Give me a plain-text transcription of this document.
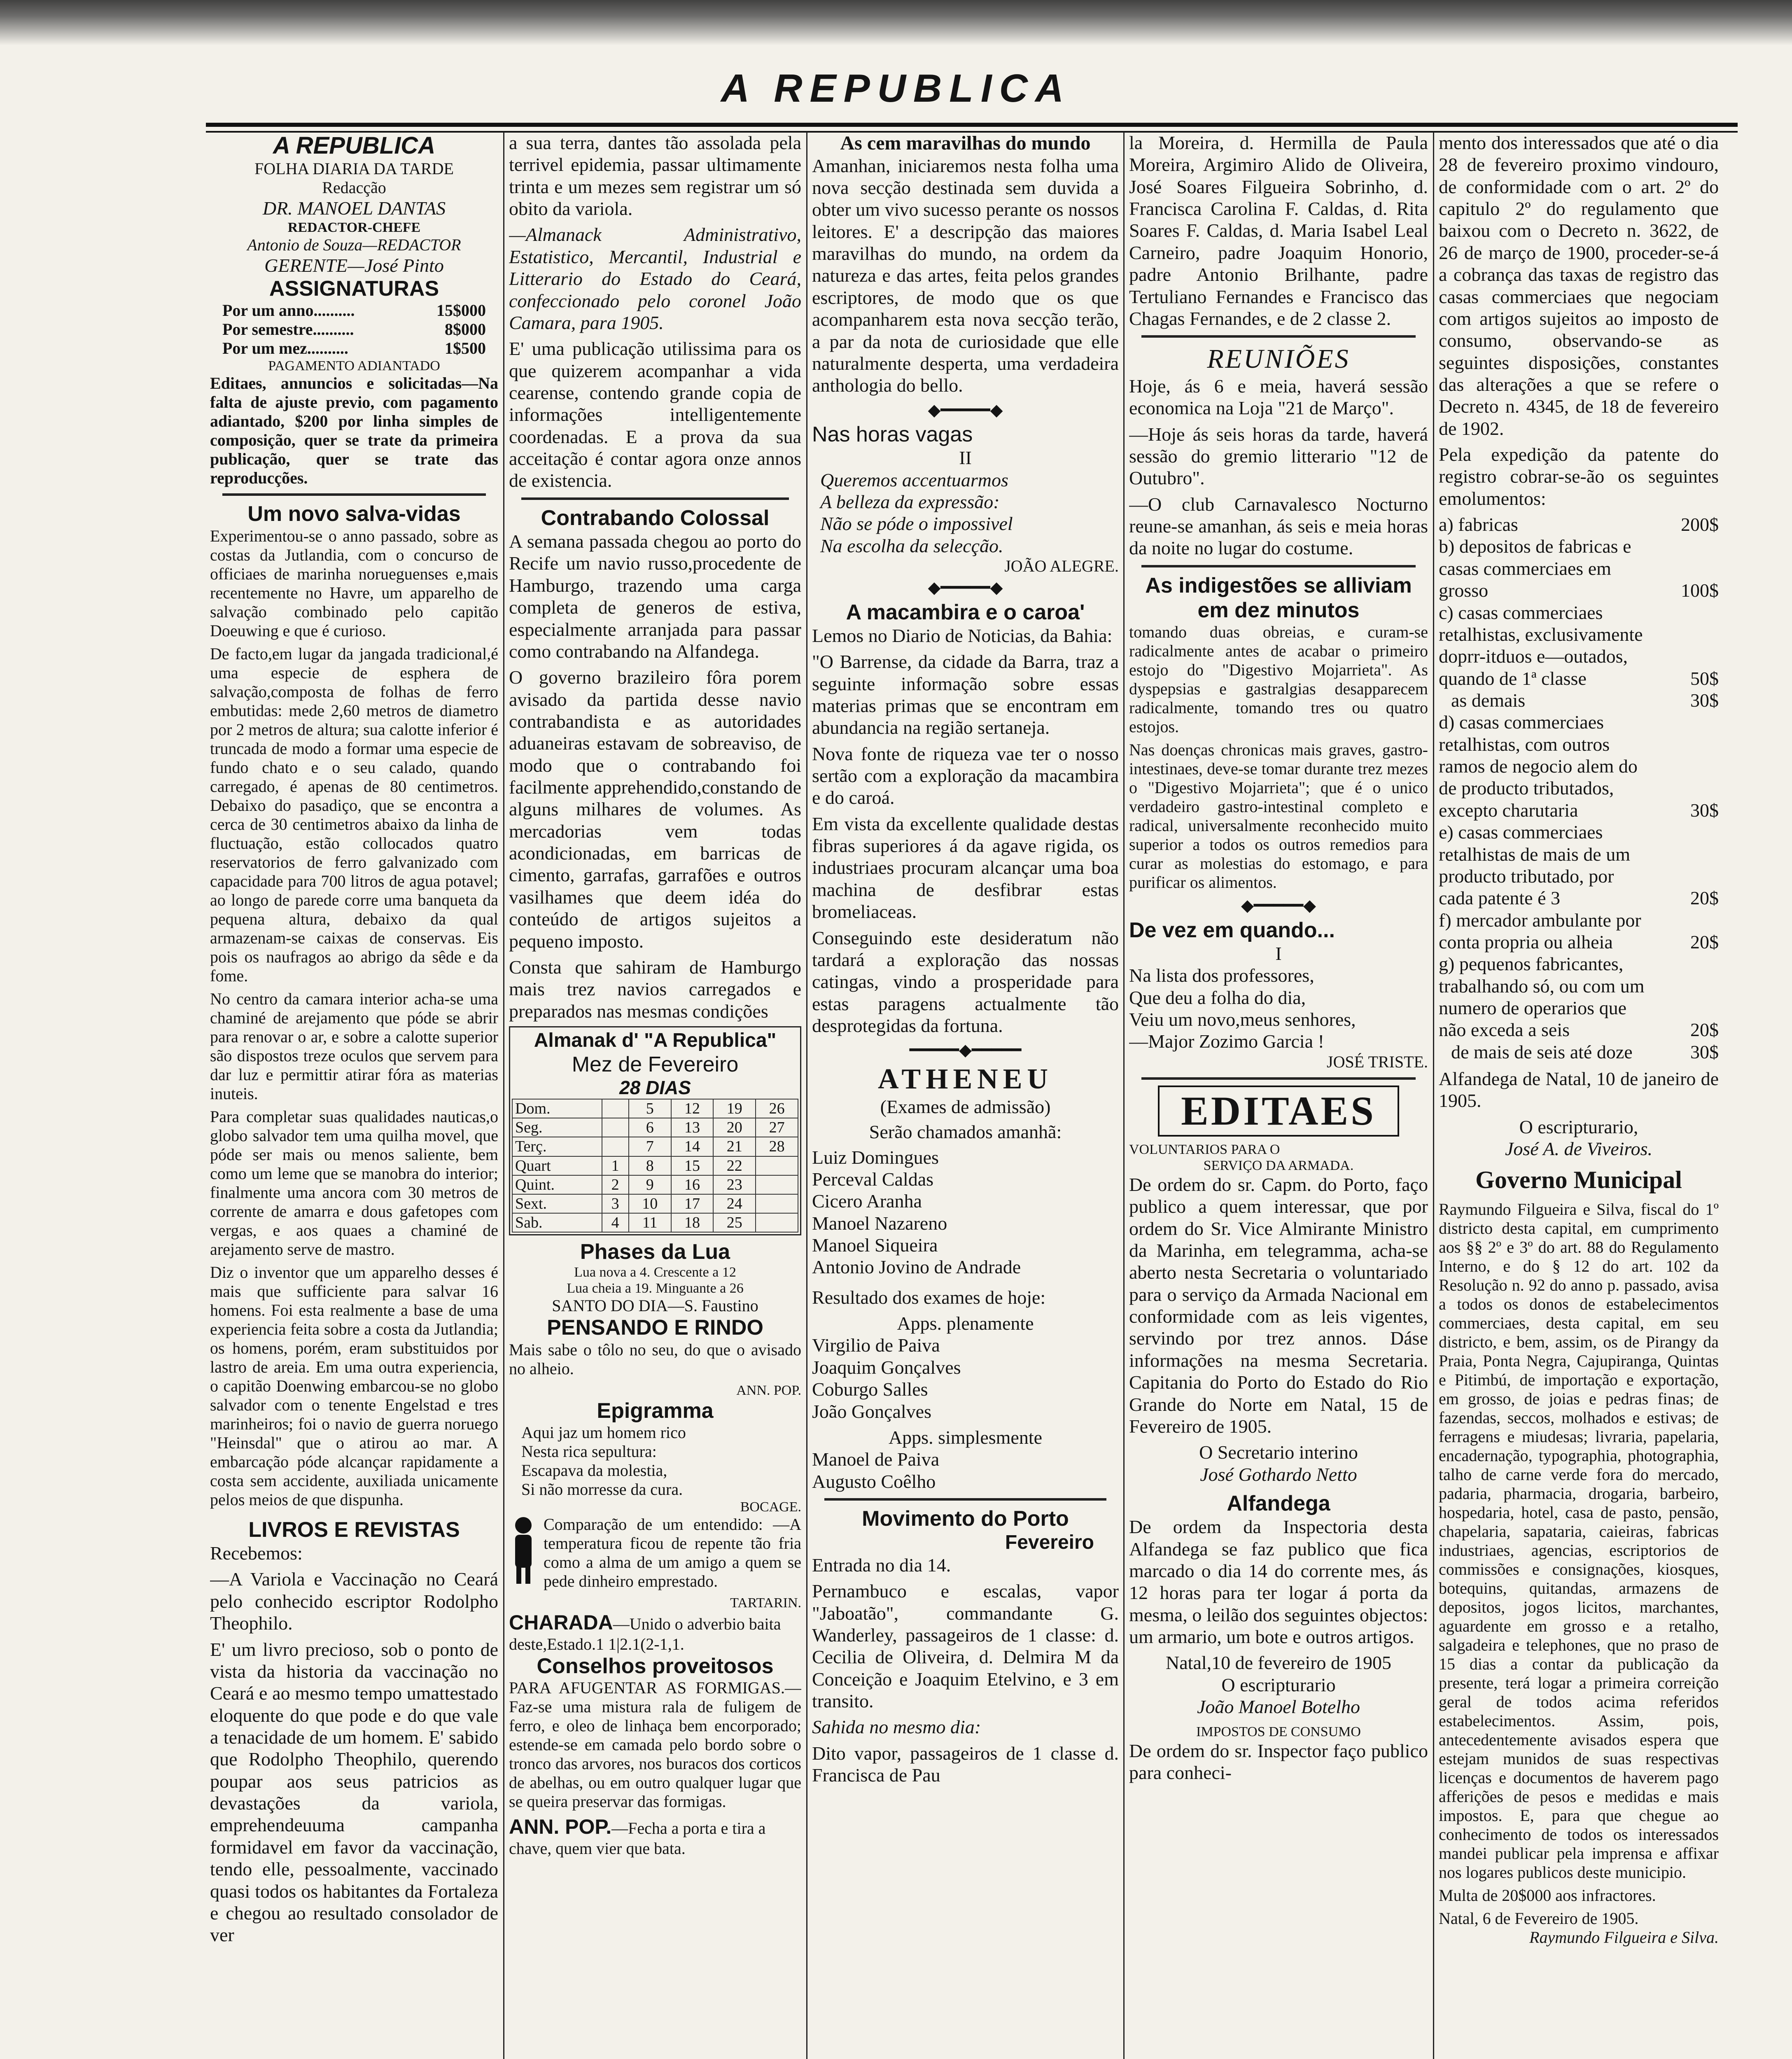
A REPUBLICA
A REPUBLICA
FOLHA DIARIA DA TARDE
Redacção
DR. MANOEL DANTAS
REDACTOR-CHEFE
Antonio de Souza—REDACTOR
GERENTE—José Pinto
ASSIGNATURAS
Por um anno..........	15$000
Por semestre..........	8$000
Por um mez..........	1$500
PAGAMENTO ADIANTADO

Editaes, annuncios e solicitadas—Na falta de ajuste previo, com pagamento adiantado, $200 por linha simples de composição, quer se trate da primeira publicação, quer se trate das reproducções.

Um novo salva-vidas

Experimentou-se o anno passado, sobre as costas da Jutlandia, com o concurso de officiaes de marinha norueguenses e,mais recentemente no Havre, um apparelho de salvação combinado pelo capitão Doeuwing e que é curioso.

De facto,em lugar da jangada tradicional,é uma especie de esphera de salvação,composta de folhas de ferro embutidas: mede 2,60 metros de diametro por 2 metros de altura; sua calotte inferior é truncada de modo a formar uma especie de fundo chato e o seu calado, quando carregado, é apenas de 80 centimetros. Debaixo do pasadiço, que se encontra a cerca de 30 centimetros abaixo da linha de fluctuação, estão collocados quatro reservatorios de ferro galvanizado com capacidade para 700 litros de agua potavel; ao longo de parede corre uma banqueta da pequena altura, debaixo da qual armazenam-se caixas de conservas. Eis pois os naufragos ao abrigo da sêde e da fome.

No centro da camara interior acha-se uma chaminé de arejamento que póde se abrir para renovar o ar, e sobre a calotte superior são dispostos treze oculos que servem para dar luz e permittir atirar fóra as materias inuteis.

Para completar suas qualidades nauticas,o globo salvador tem uma quilha movel, que póde ser mais ou menos saliente, bem como um leme que se manobra do interior; finalmente uma ancora com 30 metros de corrente de amarra e dous gafetopes com vergas, e aos quaes a chaminé de arejamento serve de mastro.

Diz o inventor que um apparelho desses é mais que sufficiente para salvar 16 homens. Foi esta realmente a base de uma experiencia feita sobre a costa da Jutlandia; os homens, porém, eram substituidos por lastro de areia. Em uma outra experiencia, o capitão Doenwing embarcou-se no globo salvador com o tenente Engelstad e tres marinheiros; foi o navio de guerra noruego "Heinsdal" que o atirou ao mar. A embarcação póde alcançar rapidamente a costa sem accidente, auxiliada unicamente pelos meios de que dispunha.

LIVROS E REVISTAS

Recebemos:

—A Variola e Vaccinação no Ceará pelo conhecido escriptor Rodolpho Theophilo.

E' um livro precioso, sob o ponto de vista da historia da vaccinação no Ceará e ao mesmo tempo umattestado eloquente do que pode e do que vale a tenacidade de um homem. E' sabido que Rodolpho Theophilo, querendo poupar aos seus patricios as devastações da variola, emprehendeuuma campanha formidavel em favor da vaccinação, tendo elle, pessoalmente, vaccinado quasi todos os habitantes da Fortaleza e chegou ao resultado consolador de ver

a sua terra, dantes tão assolada pela terrivel epidemia, passar ultimamente trinta e um mezes sem registrar um só obito da variola.

—Almanack Administrativo, Estatistico, Mercantil, Industrial e Litterario do Estado do Ceará, confeccionado pelo coronel João Camara, para 1905.

E' uma publicação utilissima para os que quizerem acompanhar a vida cearense, contendo grande copia de informações intelligentemente coordenadas. E a prova da sua acceitação é contar agora onze annos de existencia.

Contrabando Colossal

A semana passada chegou ao porto do Recife um navio russo,procedente de Hamburgo, trazendo uma carga completa de generos de estiva, especialmente arranjada para passar como contrabando na Alfandega.

O governo brazileiro fôra porem avisado da partida desse navio contrabandista e as autoridades aduaneiras estavam de sobreaviso, de modo que o contrabando foi facilmente apprehendido,constando de alguns milhares de volumes. As mercadorias vem todas acondicionadas, em barricas de cimento, garrafas, garrafões e outros vasilhames que deem idéa do conteúdo de artigos sujeitos a pequeno imposto.

Consta que sahiram de Hamburgo mais trez navios carregados e preparados nas mesmas condições

Almanak d' "A Republica"
Mez de Fevereiro
28 DIAS
Dom.		5	12	19	26
Seg.		6	13	20	27
Terç.		7	14	21	28
Quart	1	8	15	22	
Quint.	2	9	16	23	
Sext.	3	10	17	24	
Sab.	4	11	18	25	
Phases da Lua
Lua nova a 4. Crescente a 12
Lua cheia a 19. Minguante a 26
SANTO DO DIA—S. Faustino
PENSANDO E RINDO

Mais sabe o tôlo no seu, do que o avisado no alheio.

ANN. POP.
Epigramma
Aqui jaz um homem rico
Nesta rica sepultura:
Escapava da molestia,
Si não morresse da cura.
BOCAGE.

Comparação de um entendido: —A temperatura ficou de repente tão fria como a alma de um amigo a quem se pede dinheiro emprestado.

TARTARIN.
CHARADA—Unido o adverbio baita deste,Estado.1 1|2.1(2-1,1.
Conselhos proveitosos

PARA AFUGENTAR AS FORMIGAS.—Faz-se uma mistura rala de fuligem de ferro, e oleo de linhaça bem encorporado; estende-se em camada pelo bordo sobre o tronco das arvores, nos buracos dos corticos de abelhas, ou em outro qualquer lugar que se queira preservar das formigas.

ANN. POP.—Fecha a porta e tira a chave, quem vier que bata.
As cem maravilhas do mundo

Amanhan, iniciaremos nesta folha uma nova secção destinada sem duvida a obter um vivo sucesso perante os nossos leitores. E' a descripção das maiores maravilhas do mundo, na ordem da natureza e das artes, feita pelos grandes escriptores, de modo que os que acompanharem esta nova secção terão, a par da nota de curiosidade que elle naturalmente desperta, uma verdadeira anthologia do bello.

◆━━━━━◆
Nas horas vagas
II
Queremos accentuarmos
A belleza da expressão:
Não se póde o impossivel
Na escolha da selecção.
JOÃO ALEGRE.
◆━━━━━◆
A macambira e o caroa'

Lemos no Diario de Noticias, da Bahia:

"O Barrense, da cidade da Barra, traz a seguinte informação sobre essas materias primas que se encontram em abundancia na região sertaneja.

Nova fonte de riqueza vae ter o nosso sertão com a exploração da macambira e do caroá.

Em vista da excellente qualidade destas fibras superiores á da agave rigida, os industriaes procuram alcançar uma boa machina de desfibrar estas bromeliaceas.

Conseguindo este desideratum não tardará a exploração das nossas catingas, vindo a prosperidade para estas paragens actualmente tão desprotegidas da fortuna.

━━━━━◆━━━━━
ATHENEU
(Exames de admissão)
Serão chamados amanhã:
Luiz Domingues
Perceval Caldas
Cicero Aranha
Manoel Nazareno
Manoel Siqueira
Antonio Jovino de Andrade

Resultado dos exames de hoje:

Apps. plenamente
Virgilio de Paiva
Joaquim Gonçalves
Coburgo Salles
João Gonçalves
Apps. simplesmente
Manoel de Paiva
Augusto Coêlho
Movimento do Porto
Fevereiro

Entrada no dia 14.

Pernambuco e escalas, vapor "Jaboatão", commandante G. Wanderley, passageiros de 1 classe: d. Cecilia de Oliveira, d. Delmira M da Conceição e Joaquim Etelvino, e 3 em transito.

Sahida no mesmo dia:

Dito vapor, passageiros de 1 classe d. Francisca de Pau

la Moreira, d. Hermilla de Paula Moreira, Argimiro Alido de Oliveira, José Soares Filgueira Sobrinho, d. Francisca Carolina F. Caldas, d. Rita Soares F. Caldas, d. Maria Isabel Leal Carneiro, padre Joaquim Honorio, padre Antonio Brilhante, padre Tertuliano Fernandes e Francisco das Chagas Fernandes, e de 2 classe 2.

REUNIÕES

Hoje, ás 6 e meia, haverá sessão economica na Loja "21 de Março".

—Hoje ás seis horas da tarde, haverá sessão do gremio litterario "12 de Outubro".

—O club Carnavalesco Nocturno reune-se amanhan, ás seis e meia horas da noite no lugar do costume.

As indigestões se alliviam em dez minutos

tomando duas obreias, e curam-se radicalmente antes de acabar o primeiro estojo do "Digestivo Mojarrieta". As dyspepsias e gastralgias desapparecem radicalmente, tomando tres ou quatro estojos.

Nas doenças chronicas mais graves, gastro-intestinaes, deve-se tomar durante trez mezes o "Digestivo Mojarrieta"; que é o unico verdadeiro gastro-intestinal completo e radical, universalmente reconhecido muito superior a todos os outros remedios para curar as molestias do estomago, e para purificar os alimentos.

◆━━━━━◆
De vez em quando...
I
Na lista dos professores,
Que deu a folha do dia,
Veiu um novo,meus senhores,
—Major Zozimo Garcia !
JOSÉ TRISTE.
EDITAES
VOLUNTARIOS PARA O
SERVIÇO DA ARMADA.

De ordem do sr. Capm. do Porto, faço publico a quem interessar, que por ordem do Sr. Vice Almirante Ministro da Marinha, em telegramma, acha-se aberto nesta Secretaria o voluntariado para o serviço da Armada Nacional em conformidade com as leis vigentes, servindo por trez annos. Dáse informações na mesma Secretaria. Capitania do Porto do Estado do Rio Grande do Norte em Natal, 15 de Fevereiro de 1905.

O Secretario interino
José Gothardo Netto
Alfandega

De ordem da Inspectoria desta Alfandega se faz publico que fica marcado o dia 14 do corrente mes, ás 12 horas para ter logar á porta da mesma, o leilão dos seguintes objectos: um armario, um bote e outros artigos.

Natal,10 de fevereiro de 1905
O escripturario
João Manoel Botelho
IMPOSTOS DE CONSUMO

De ordem do sr. Inspector faço publico para conheci-

mento dos interessados que até o dia 28 de fevereiro proximo vindouro, de conformidade com o art. 2º do capitulo 2º do regulamento que baixou com o Decreto n. 3622, de 26 de março de 1900, proceder-se-á a cobrança das taxas de registro das casas commerciaes que negociam com artigos sujeitos ao imposto de consumo, observando-se as seguintes disposições, constantes das alterações a que se refere o Decreto n. 4345, de 18 de fevereiro de 1902.

Pela expedição da patente do registro cobrar-se-ão os seguintes emolumentos:

a) fabricas	200$
b) depositos de fabricas e casas commerciaes em grosso	100$
c) casas commerciaes retalhistas, exclusivamente doprr-itduos e—outados, quando de 1ª classe	50$
as demais	30$
d) casas commerciaes retalhistas, com outros ramos de negocio alem do de producto tributados, excepto charutaria	30$
e) casas commerciaes retalhistas de mais de um producto tributado, por cada patente é 3	20$
f) mercador ambulante por conta propria ou alheia	20$
g) pequenos fabricantes, trabalhando só, ou com um numero de operarios que não exceda a seis	20$
de mais de seis até doze	30$

Alfandega de Natal, 10 de janeiro de 1905.

O escripturario,
José A. de Viveiros.
Governo Municipal

Raymundo Filgueira e Silva, fiscal do 1º districto desta capital, em cumprimento aos §§ 2º e 3º do art. 88 do Regulamento Interno, e do § 12 do art. 102 da Resolução n. 92 do anno p. passado, avisa a todos os donos de estabelecimentos commerciaes, desta capital, em seu districto, e bem, assim, os de Pirangy da Praia, Ponta Negra, Cajupiranga, Quintas e Pitimbú, de importação e exportação, em grosso, de joias e pedras finas; de fazendas, seccos, molhados e estivas; de ferragens e miudesas; livraria, papelaria, encadernação, typographia, photographia, talho de carne verde fora do mercado, padaria, pharmacia, drogaria, barbeiro, hospedaria, hotel, casa de pasto, pensão, chapelaria, sapataria, caieiras, fabricas industriaes, agencias, escriptorios de commissões e consignações, kiosques, botequins, quitandas, armazens de depositos, jogos licitos, marchantes, aguardente em grosso e a retalho, salgadeira e telephones, que no praso de 15 dias a contar da publicação da presente, terá logar a primeira correição geral de todos acima referidos estabelecimentos. Assim, pois, antecedentemente avisados espera que estejam munidos de suas respectivas licenças e documentos de haverem pago afferições de pesos e medidas e mais impostos. E, para que chegue ao conhecimento de todos os interessados mandei publicar pela imprensa e affixar nos logares publicos deste municipio.

Multa de 20$000 aos infractores.

Natal, 6 de Fevereiro de 1905.
Raymundo Filgueira e Silva.
